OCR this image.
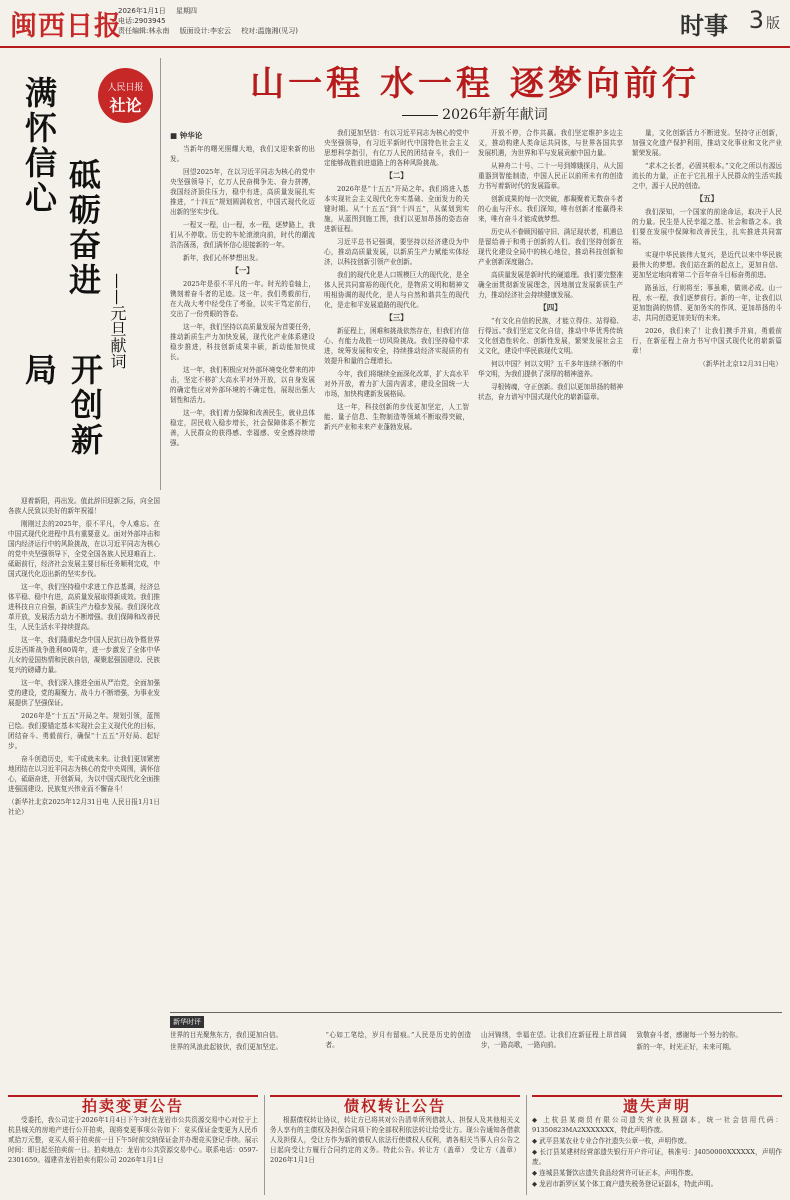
闽西日报
2026年1月1日 星期四
电话:2903945
责任编辑:林永南 版面设计:李宏云 校对:温施湘(见习)	时事 3 版
人民日报
社论
满怀信心
砥砺奋进
——元旦献词
开创新局

迎着新阳，再出发。值此辞旧迎新之际，向全国各族人民致以美好的新年祝福！

刚刚过去的2025年，很不平凡，令人难忘。在中国式现代化进程中具有重要意义。面对外部冲击和国内经济运行中的风险挑战，在以习近平同志为核心的党中央坚强领导下，全党全国各族人民迎难而上、砥砺前行，经济社会发展主要目标任务顺利完成，中国式现代化迈出新的坚实步伐。

这一年，我们坚持稳中求进工作总基调，经济总体平稳、稳中有进，高质量发展取得新成效。我们推进科技自立自强，新质生产力稳步发展。我们深化改革开放，发展活力动力不断增强。我们保障和改善民生，人民生活水平持续提高。

这一年，我们隆重纪念中国人民抗日战争暨世界反法西斯战争胜利80周年，进一步激发了全体中华儿女的爱国热情和民族自信，凝聚起强国建设、民族复兴的磅礴力量。

这一年，我们深入推进全面从严治党，全面加强党的建设，党的凝聚力、战斗力不断增强，为事业发展提供了坚强保证。

2026年是“十五五”开局之年。规划引领，蓝图已绘。我们要锚定基本实现社会主义现代化的目标，团结奋斗、勇毅前行，确保“十五五”开好局、起好步。

奋斗创造历史，实干成就未来。让我们更加紧密地团结在以习近平同志为核心的党中央周围，满怀信心，砥砺奋进，开创新局，为以中国式现代化全面推进强国建设、民族复兴伟业而不懈奋斗！

（新华社北京2025年12月31日电 人民日报1月1日社论）

山一程 水一程 逐梦向前行
2026年新年献词
■ 钟华论

当新年的曙光照耀大地，我们又迎来新的出发。

回望2025年，在以习近平同志为核心的党中央坚强领导下，亿万人民奋楫争先、奋力拼搏，我国经济顶住压力，稳中有进，高质量发展扎实推进，“十四五”规划圆满收官，中国式现代化迈出新的坚实步伐。

一程又一程，山一程，水一程，逐梦路上，我们从不停歇。历史的车轮滚滚向前，时代的潮流浩浩荡荡，我们满怀信心迎接新的一年。

新年，我们心怀梦想出发。

【一】

2025年是很不平凡的一年。时光的卷轴上，镌刻着奋斗者的足迹。这一年，我们勇毅前行，在大战大考中经受住了考验，以实干笃定前行，交出了一份亮眼的答卷。

这一年，我们坚持以高质量发展为首要任务，推动新质生产力加快发展，现代化产业体系建设稳步推进，科技创新成果丰硕，新动能加快成长。

这一年，我们积极应对外部环境变化带来的冲击，坚定不移扩大高水平对外开放，以自身发展的确定性应对外部环境的不确定性，展现出强大韧性和活力。

这一年，我们着力保障和改善民生，就业总体稳定，居民收入稳步增长，社会保障体系不断完善，人民群众的获得感、幸福感、安全感持续增强。

我们更加坚信：有以习近平同志为核心的党中央坚强领导，有习近平新时代中国特色社会主义思想科学指引，有亿万人民的团结奋斗，我们一定能够战胜前进道路上的各种风险挑战。

【二】

2026年是“十五五”开局之年。我们将进入基本实现社会主义现代化夯实基础、全面发力的关键时期。从“十五五”到“十四五”，从谋划到实施，从蓝图到施工图，我们以更加昂扬的姿态奋进新征程。

习近平总书记强调，要坚持以经济建设为中心，推动高质量发展，以新质生产力赋能实体经济，以科技创新引领产业创新。

我们的现代化是人口规模巨大的现代化，是全体人民共同富裕的现代化，是物质文明和精神文明相协调的现代化，是人与自然和谐共生的现代化，是走和平发展道路的现代化。

【三】

新征程上，困难和挑战依然存在，但我们有信心、有能力战胜一切风险挑战。我们坚持稳中求进，统筹发展和安全，持续推动经济实现质的有效提升和量的合理增长。

今年，我们将继续全面深化改革，扩大高水平对外开放，着力扩大国内需求，建设全国统一大市场，加快构建新发展格局。

这一年，科技创新的步伐更加坚定，人工智能、量子信息、生物制造等领域不断取得突破，新兴产业和未来产业蓬勃发展。

开放不停，合作共赢。我们坚定维护多边主义，推动构建人类命运共同体，与世界各国共享发展机遇，为世界和平与发展贡献中国力量。

从神舟二十号、二十一号到嫦娥探月，从大国重器到智能制造，中国人民正以前所未有的创造力书写着新时代的发展篇章。

创新成果的每一次突破，都凝聚着无数奋斗者的心血与汗水。我们深知，唯有创新才能赢得未来，唯有奋斗才能成就梦想。

历史从不眷顾因循守旧、满足现状者，机遇总是留给善于和勇于创新的人们。我们坚持创新在现代化建设全局中的核心地位，推动科技创新和产业创新深度融合。

高质量发展是新时代的硬道理。我们要完整准确全面贯彻新发展理念，因地制宜发展新质生产力，推动经济社会持续健康发展。

【四】

“有文化自信的民族，才能立得住、站得稳、行得远。”我们坚定文化自信，推动中华优秀传统文化创造性转化、创新性发展，繁荣发展社会主义文化，建设中华民族现代文明。

何以中国？何以文明？五千多年连续不断的中华文明，为我们提供了深厚的精神滋养。

寻根铸魂，守正创新。我们以更加昂扬的精神状态，奋力谱写中国式现代化的崭新篇章。

量，文化创新活力不断迸发。坚持守正创新，加强文化遗产保护利用，推动文化事业和文化产业繁荣发展。

“求木之长者，必固其根本。”文化之所以有源远流长的力量，正在于它扎根于人民群众的生活实践之中，源于人民的创造。

【五】

我们深知，一个国家的前途命运，取决于人民的力量。民生是人民幸福之基、社会和谐之本。我们要在发展中保障和改善民生，扎实推进共同富裕。

实现中华民族伟大复兴，是近代以来中华民族最伟大的梦想。我们站在新的起点上，更加自信、更加坚定地向着第二个百年奋斗目标奋勇前进。

路虽远，行则将至；事虽难，做则必成。山一程，水一程，我们逐梦前行。新的一年，让我们以更加饱满的热情、更加务实的作风、更加昂扬的斗志，共同创造更加美好的未来。

2026，我们来了！让我们携手并肩，勇毅前行，在新征程上奋力书写中国式现代化的崭新篇章！

（新华社北京12月31日电）

新华时评

世界的目光聚焦东方，我们更加自信。

世界的风浪此起彼伏，我们更加坚定。

“心如工笔绘，岁月有留痕。”人民是历史的创造者。

山河锦绣，幸福在望。让我们在新征程上昂首阔步，一路高歌，一路向前。

致敬奋斗者，感谢每一个努力的你。

新的一年，时光正好，未来可期。

拍卖变更公告

受委托，我公司定于2026年1月4日下午3时在龙岩市公共资源交易中心对位于上杭县城关的房地产进行公开拍卖，现将变更事项公告如下：竞买保证金变更为人民币贰拾万元整，竞买人须于拍卖前一日下午5时前交纳保证金并办理竞买登记手续。展示时间：即日起至拍卖前一日。拍卖地点：龙岩市公共资源交易中心。联系电话：0597-2301659。福建省龙岩拍卖有限公司 2026年1月1日

债权转让公告

根据债权转让协议，转让方已将其对公告清单所列借款人、担保人及其他相关义务人享有的主债权及担保合同项下的全部权利依法转让给受让方。现公告通知各借款人及担保人，受让方作为新的债权人依法行使债权人权利，请各相关当事人自公告之日起向受让方履行合同约定的义务。特此公告。转让方（盖章） 受让方（盖章） 2026年1月1日

遗失声明

◆ 上杭县某商贸有限公司遗失营业执照副本，统一社会信用代码：91350823MA2XXXXXXX，特此声明作废。

◆ 武平县某农业专业合作社遗失公章一枚，声明作废。

◆ 长汀县某建材经营部遗失银行开户许可证，核准号：J4050000XXXXXX，声明作废。

◆ 连城县某餐饮店遗失食品经营许可证正本，声明作废。

◆ 龙岩市新罗区某个体工商户遗失税务登记证副本，特此声明。
